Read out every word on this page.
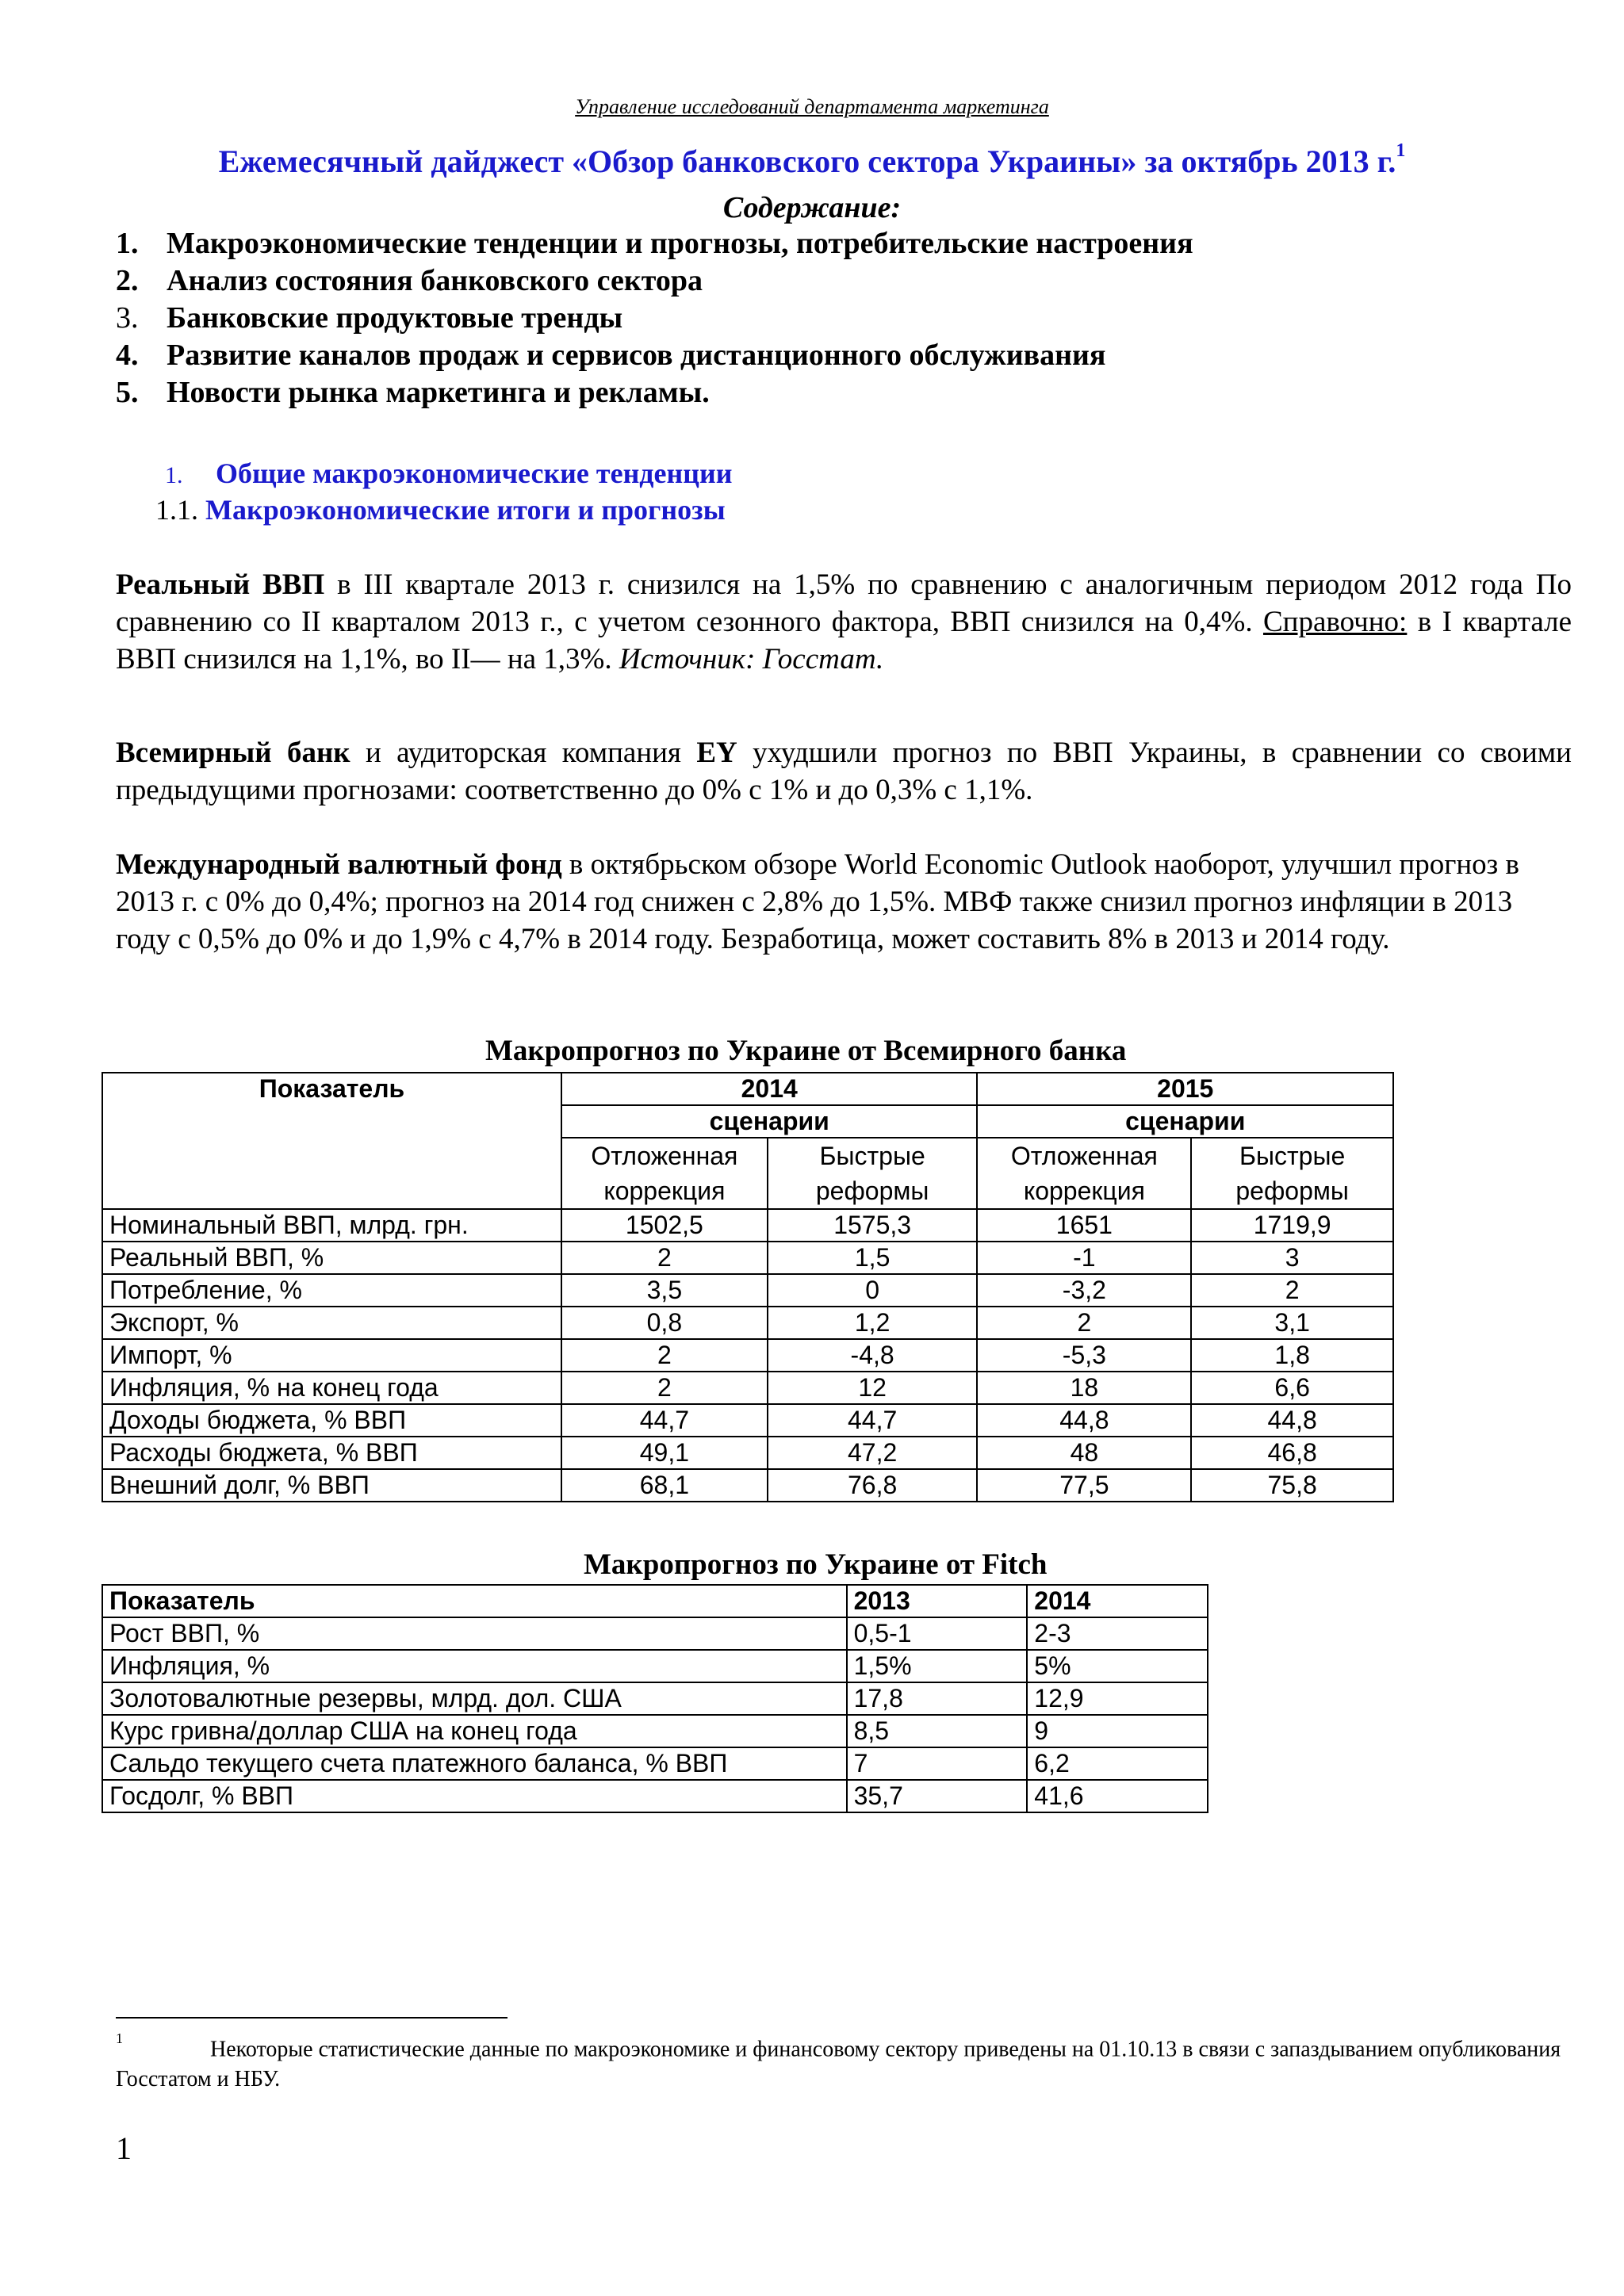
Управление исследований департамента маркетинга
Ежемесячный дайджест «Обзор банковского сектора Украины» за октябрь 2013 г.$^1$
Содержание:
1. Макроэкономические тенденции и прогнозы, потребительские настроения
2. Анализ состояния банковского сектора
3. Банковские продуктовые тренды
4. Развитие каналов продаж и сервисов дистанционного обслуживания
5. Новости рынка маркетинга и рекламы.
1. Общие макроэкономические тенденции
1.1. Макроэкономические итоги и прогнозы
Реальный ВВП в III квартале 2013 г. снизился на 1,5% по сравнению с аналогичным периодом 2012 года По сравнению со II кварталом 2013 г., с учетом сезонного фактора, ВВП снизился на 0,4%. Справочно: в I квартале ВВП снизился на 1,1%, во II— на 1,3%. Источник: Госстат.
Всемирный банк и аудиторская компания EY ухудшили прогноз по ВВП Украины, в сравнении со своими предыдущими прогнозами: соответственно до 0% с 1% и до 0,3% с 1,1%.
Международный валютный фонд в октябрьском обзоре World Economic Outlook наоборот, улучшил прогноз в 2013 г. с 0% до 0,4%; прогноз на 2014 год снижен с 2,8% до 1,5%. МВФ также снизил прогноз инфляции в 2013 году с 0,5% до 0% и до 1,9% с 4,7% в 2014 году. Безработица, может составить 8% в 2013 и 2014 году.
Макропрогноз по Украине от Всемирного банка
Показатель	2014		2015	
	сценарии		сценарии	
	Отложенная коррекция	Быстрые реформы	Отложенная коррекция	Быстрые реформы
Номинальный ВВП, млрд. грн.	1502,5	1575,3	1651	1719,9
Реальный ВВП, %	2	1,5	-1	3
Потребление, %	3,5	0	-3,2	2
Экспорт, %	0,8	1,2	2	3,1
Импорт, %	2	-4,8	-5,3	1,8
Инфляция, % на конец года	2	12	18	6,6
Доходы бюджета, % ВВП	44,7	44,7	44,8	44,8
Расходы бюджета, % ВВП	49,1	47,2	48	46,8
Внешний долг, % ВВП	68,1	76,8	77,5	75,8
Макропрогноз по Украине от Fitch
Показатель	2013	2014
Рост ВВП, %	0,5-1	2-3
Инфляция, %	1,5%	5%
Золотовалютные резервы, млрд. дол. США	17,8	12,9
Курс гривна/доллар США на конец года	8,5	9
Сальдо текущего счета платежного баланса, % ВВП	7	6,2
Госдолг, % ВВП	35,7	41,6
$^1$	Некоторые статистические данные по макроэкономике и финансовому сектору приведены на 01.10.13 в связи с запаздыванием опубликования Госстатом и НБУ.
1
